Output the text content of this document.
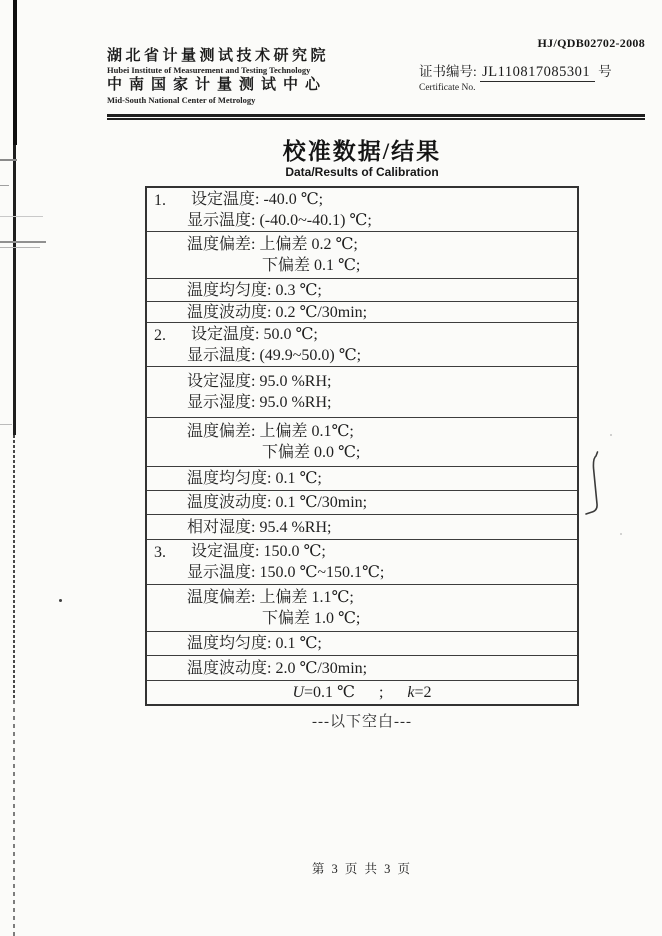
湖北省计量测试技术研究院
Hubei Institute of Measurement and Testing Technology
中南国家计量测试中心
Mid-South National Center of Metrology
HJ/QDB02702-2008
证书编号: JL110817085301 号
Certificate No.
校准数据/结果
Data/Results of Calibration
1.	设定温度: -40.0 ℃;
显示温度: (-40.0~-40.1) ℃;
温度偏差: 上偏差 0.2 ℃;
下偏差 0.1 ℃;
温度均匀度: 0.3 ℃;
温度波动度: 0.2 ℃/30min;
2.	设定温度: 50.0 ℃;
显示温度: (49.9~50.0) ℃;
设定湿度: 95.0 %RH;
显示湿度: 95.0 %RH;
温度偏差: 上偏差 0.1℃;
下偏差 0.0 ℃;
温度均匀度: 0.1 ℃;
温度波动度: 0.1 ℃/30min;
相对湿度: 95.4 %RH;
3.	设定温度: 150.0 ℃;
显示温度: 150.0 ℃~150.1℃;
温度偏差: 上偏差 1.1℃;
下偏差 1.0 ℃;
温度均匀度: 0.1 ℃;
温度波动度: 2.0 ℃/30min;
U =0.1 ℃ ; k =2
---以下空白---
第 3 页 共 3 页
